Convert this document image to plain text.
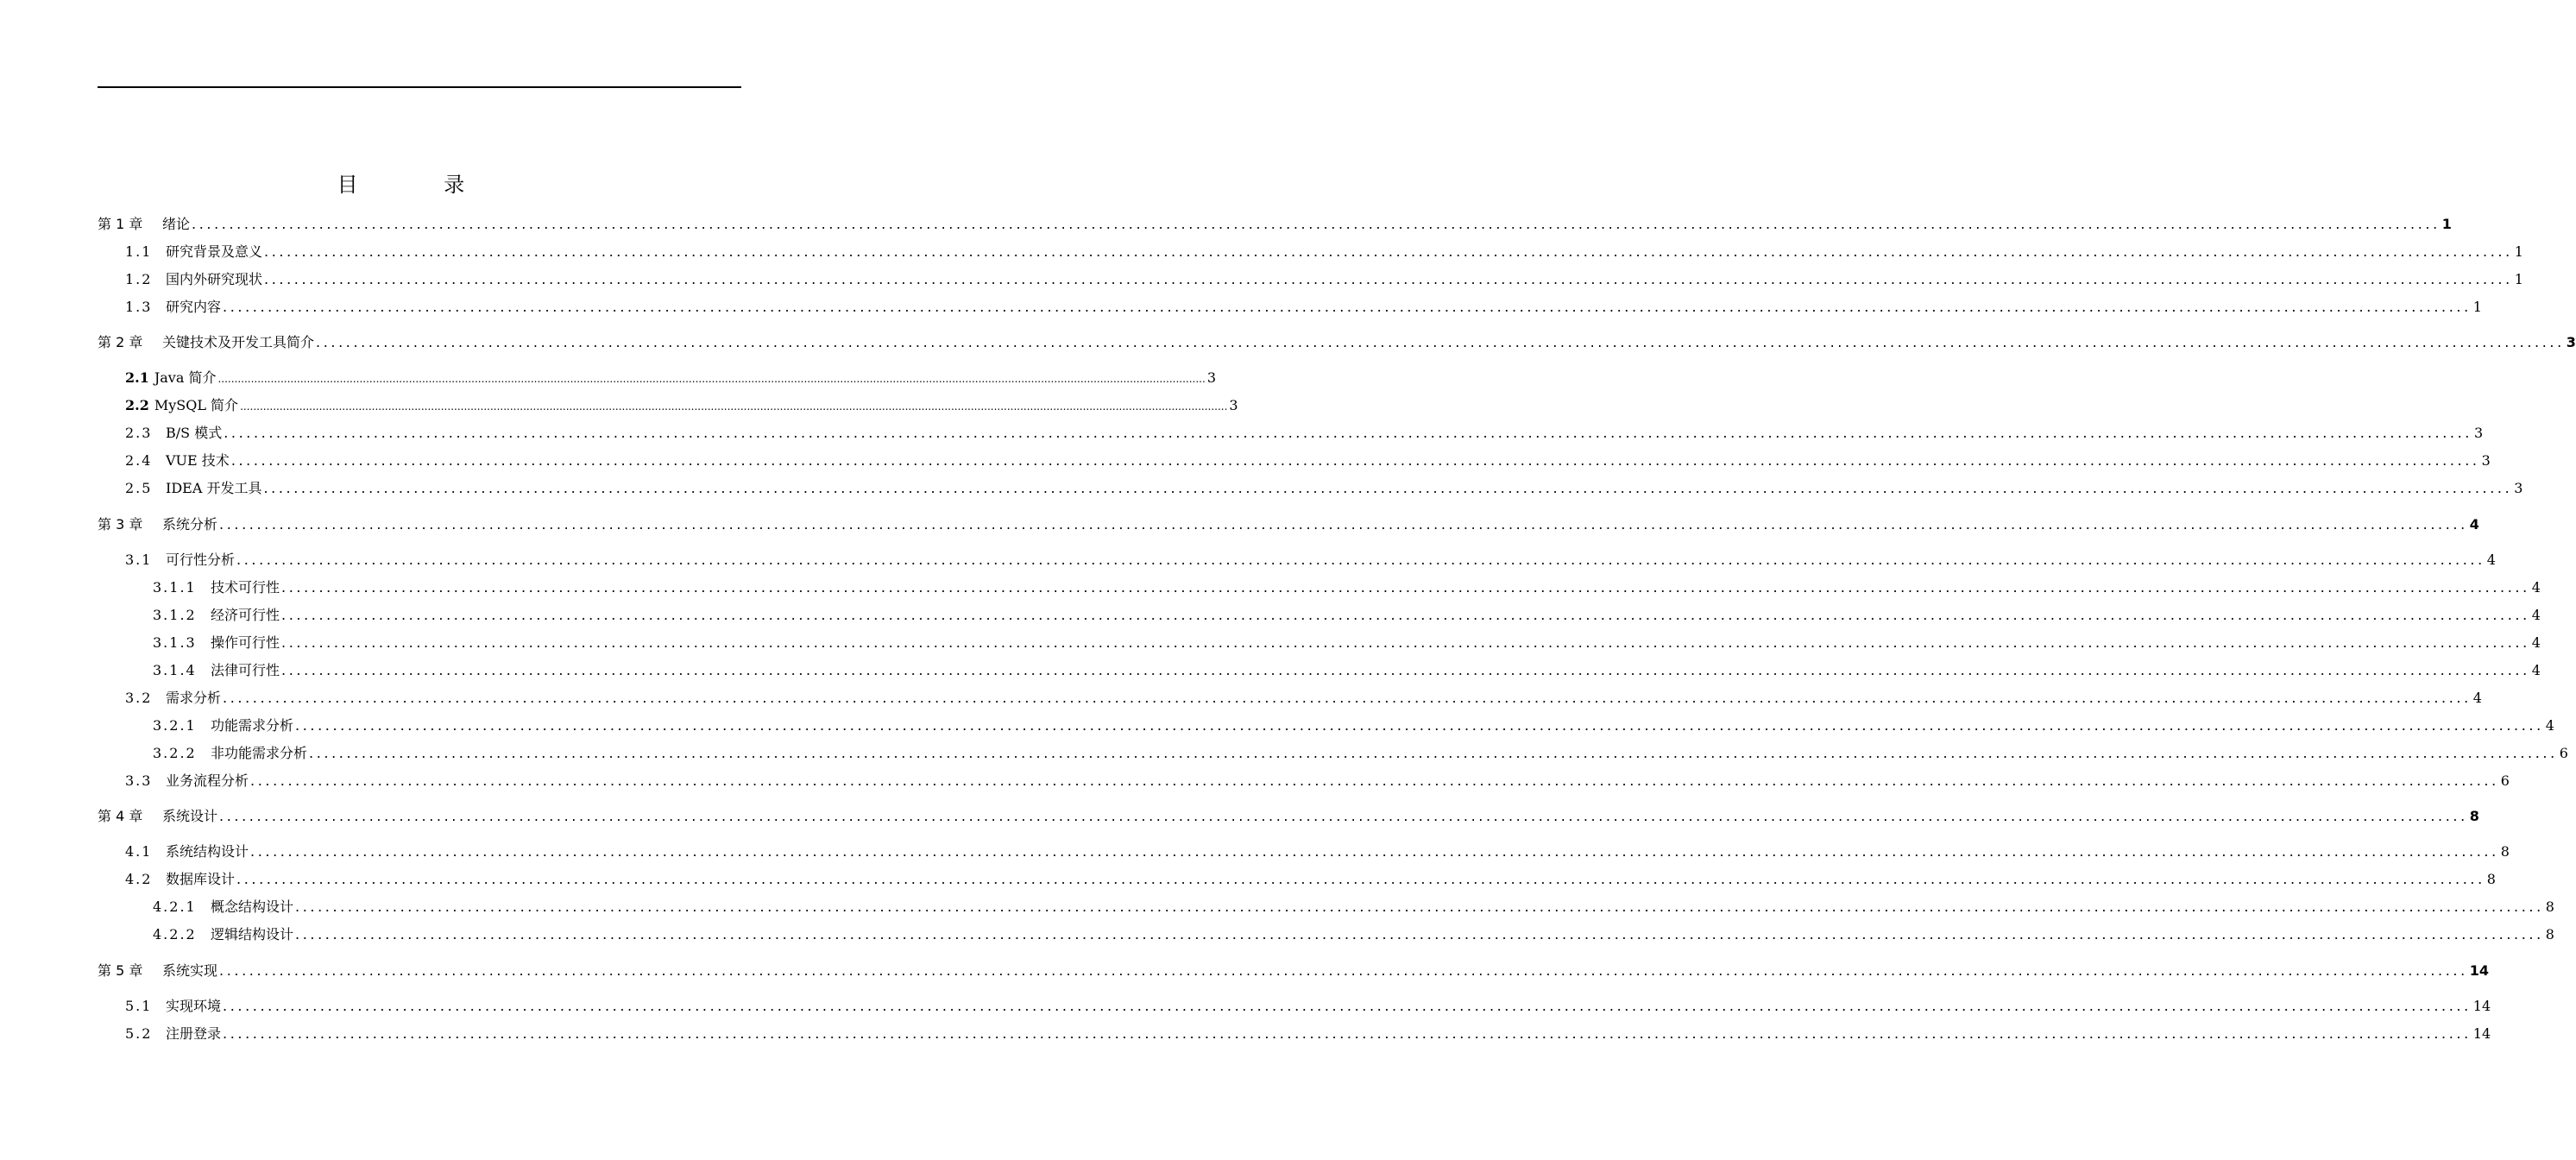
目 录
第 1 章	绪论 ............................................................................................................................................................................................................................................................................................................ 1
1.1 研究背景及意义 ............................................................................................................................................................................................................................................................................................................ 1
1.2 国内外研究现状 ............................................................................................................................................................................................................................................................................................................ 1
1.3 研究内容 ............................................................................................................................................................................................................................................................................................................ 1
第 2 章	关键技术及开发工具简介 ............................................................................................................................................................................................................................................................................................................ 3
2.1 Java 简介 ............................................................................................................................................................................................................................................................................................................ 3
2.2 MySQL 简介 ............................................................................................................................................................................................................................................................................................................ 3
2.3 B/S 模式 ............................................................................................................................................................................................................................................................................................................ 3
2.4 VUE 技术 ............................................................................................................................................................................................................................................................................................................ 3
2.5 IDEA 开发工具 ............................................................................................................................................................................................................................................................................................................ 3
第 3 章	系统分析 ............................................................................................................................................................................................................................................................................................................ 4
3.1 可行性分析 ............................................................................................................................................................................................................................................................................................................ 4
3.1.1	技术可行性 ............................................................................................................................................................................................................................................................................................................ 4
3.1.2	经济可行性 ............................................................................................................................................................................................................................................................................................................ 4
3.1.3	操作可行性 ............................................................................................................................................................................................................................................................................................................ 4
3.1.4	法律可行性 ............................................................................................................................................................................................................................................................................................................ 4
3.2 需求分析 ............................................................................................................................................................................................................................................................................................................ 4
3.2.1	功能需求分析 ............................................................................................................................................................................................................................................................................................................ 4
3.2.2	非功能需求分析 ............................................................................................................................................................................................................................................................................................................ 6
3.3 业务流程分析 ............................................................................................................................................................................................................................................................................................................ 6
第 4 章	系统设计 ............................................................................................................................................................................................................................................................................................................ 8
4.1 系统结构设计 ............................................................................................................................................................................................................................................................................................................ 8
4.2 数据库设计 ............................................................................................................................................................................................................................................................................................................ 8
4.2.1	概念结构设计 ............................................................................................................................................................................................................................................................................................................ 8
4.2.2	逻辑结构设计 ............................................................................................................................................................................................................................................................................................................ 8
第 5 章	系统实现 ............................................................................................................................................................................................................................................................................................................ 14
5.1 实现环境 ............................................................................................................................................................................................................................................................................................................ 14
5.2 注册登录 ............................................................................................................................................................................................................................................................................................................ 14
